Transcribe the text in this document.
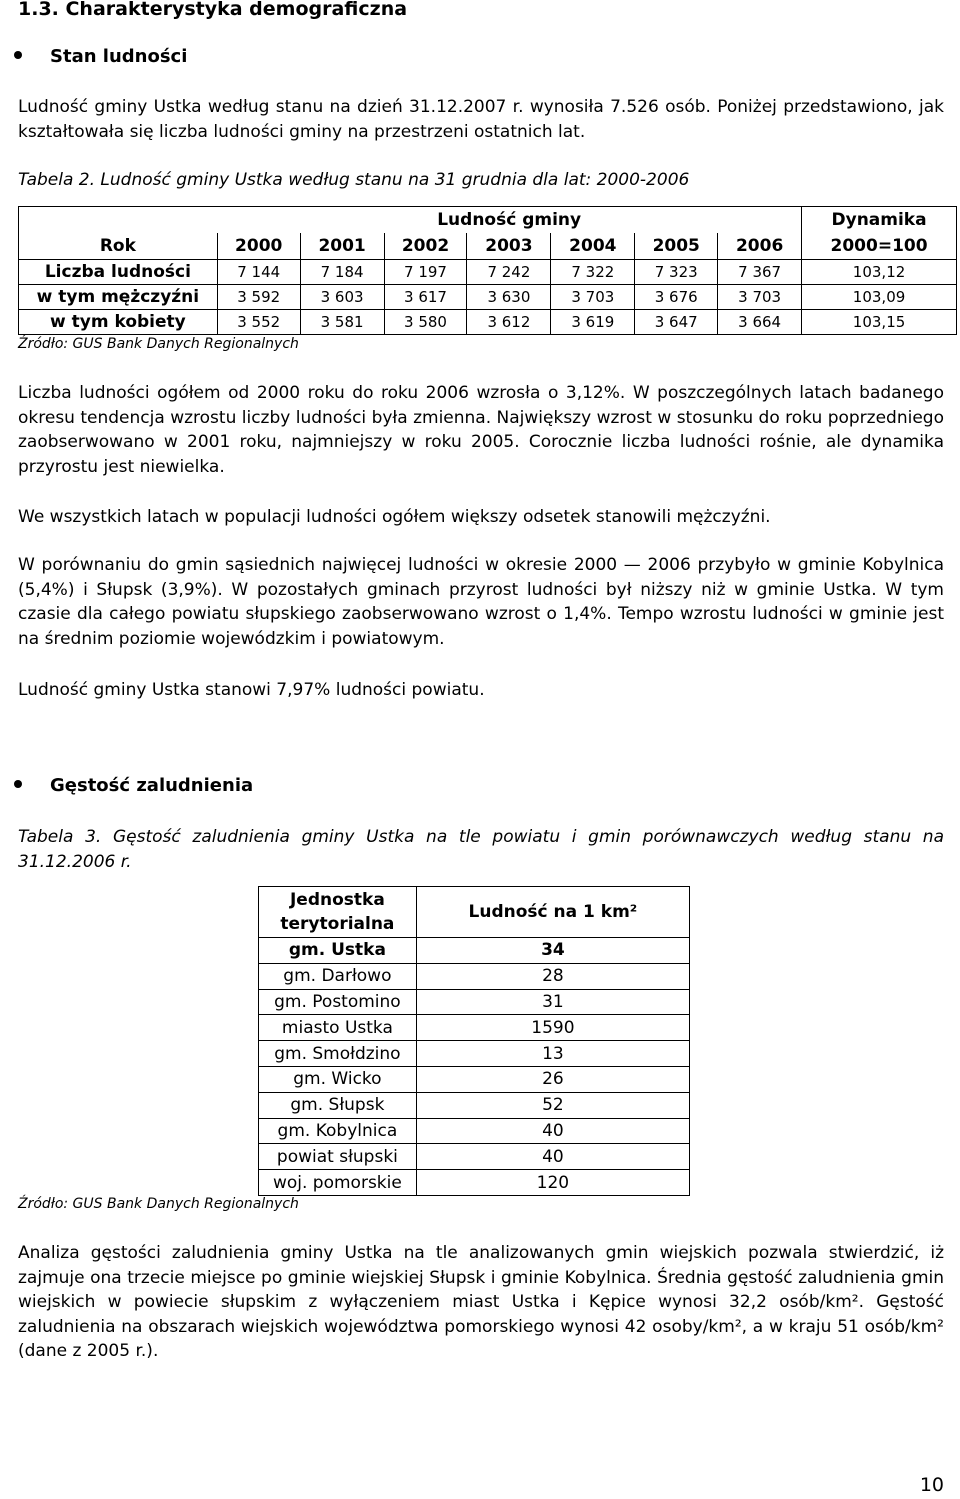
1.3. Charakterystyka demograficzna
Stan ludności
Ludność gminy Ustka według stanu na dzień 31.12.2007 r. wynosiła 7.526 osób. Poniżej przedstawiono, jak kształtowała się liczba ludności gminy na przestrzeni ostatnich lat.
Tabela 2. Ludność gminy Ustka według stanu na 31 grudnia dla lat: 2000-2006
	Ludność gminy							Dynamika
Rok	2000	2001	2002	2003	2004	2005	2006	2000=100
Liczba ludności	7 144	7 184	7 197	7 242	7 322	7 323	7 367	103,12
w tym mężczyźni	3 592	3 603	3 617	3 630	3 703	3 676	3 703	103,09
w tym kobiety	3 552	3 581	3 580	3 612	3 619	3 647	3 664	103,15
Źródło: GUS Bank Danych Regionalnych
Liczba ludności ogółem od 2000 roku do roku 2006 wzrosła o 3,12%. W poszczególnych latach badanego okresu tendencja wzrostu liczby ludności była zmienna. Największy wzrost w stosunku do roku poprzedniego zaobserwowano w 2001 roku, najmniejszy w roku 2005. Corocznie liczba ludności rośnie, ale dynamika przyrostu jest niewielka.
We wszystkich latach w populacji ludności ogółem większy odsetek stanowili mężczyźni.
W porównaniu do gmin sąsiednich najwięcej ludności w okresie 2000 — 2006 przybyło w gminie Kobylnica (5,4%) i Słupsk (3,9%). W pozostałych gminach przyrost ludności był niższy niż w gminie Ustka. W tym czasie dla całego powiatu słupskiego zaobserwowano wzrost o 1,4%. Tempo wzrostu ludności w gminie jest na średnim poziomie wojewódzkim i powiatowym.
Ludność gminy Ustka stanowi 7,97% ludności powiatu.
Gęstość zaludnienia
Tabela 3. Gęstość zaludnienia gminy Ustka na tle powiatu i gmin porównawczych według stanu na 31.12.2006 r.
Jednostka terytorialna	Ludność na 1 km²
gm. Ustka	34
gm. Darłowo	28
gm. Postomino	31
miasto Ustka	1590
gm. Smołdzino	13
gm. Wicko	26
gm. Słupsk	52
gm. Kobylnica	40
powiat słupski	40
woj. pomorskie	120
Źródło: GUS Bank Danych Regionalnych
Analiza gęstości zaludnienia gminy Ustka na tle analizowanych gmin wiejskich pozwala stwierdzić, iż zajmuje ona trzecie miejsce po gminie wiejskiej Słupsk i gminie Kobylnica. Średnia gęstość zaludnienia gmin wiejskich w powiecie słupskim z wyłączeniem miast Ustka i Kępice wynosi 32,2 osób/km². Gęstość zaludnienia na obszarach wiejskich województwa pomorskiego wynosi 42 osoby/km², a w kraju 51 osób/km² (dane z 2005 r.).
10
